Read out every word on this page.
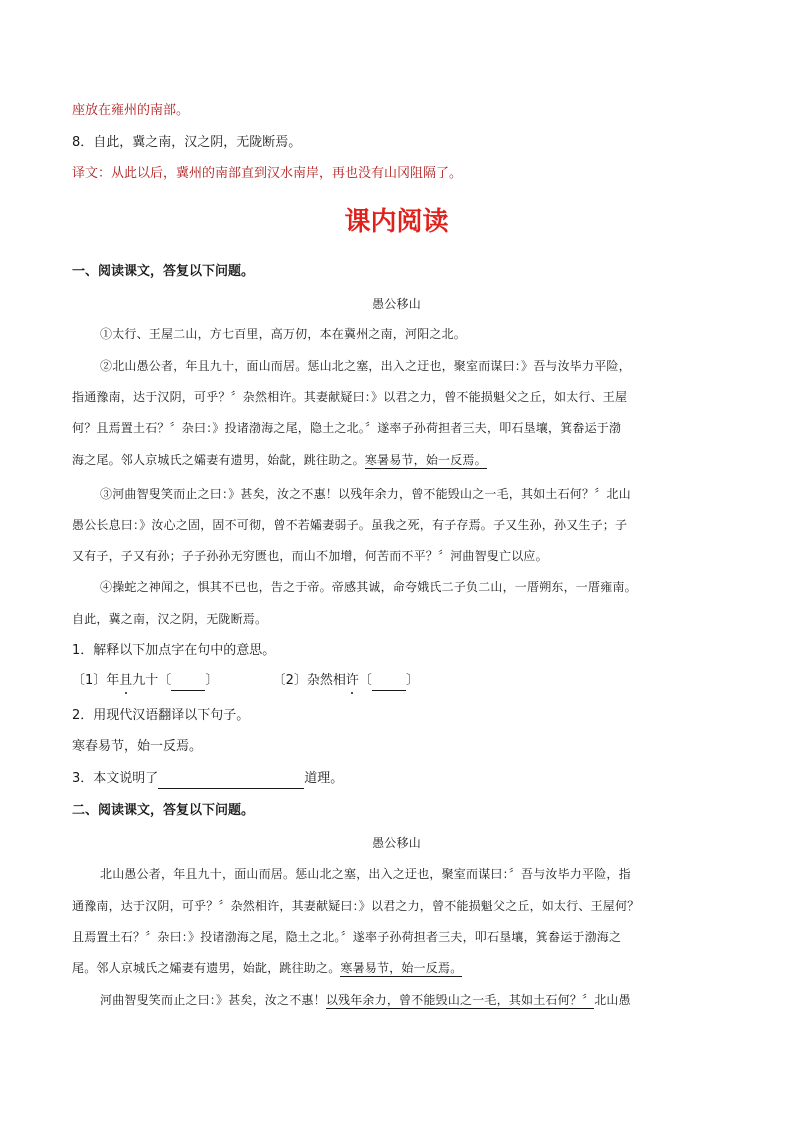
座放在雍州的南部。
8．自此，冀之南，汉之阴，无陇断焉。
译文：从此以后，冀州的南部直到汉水南岸，再也没有山冈阻隔了。
课内阅读
一、阅读课文，答复以下问题。
愚公移山
①太行、王屋二山，方七百里，高万仞，本在冀州之南，河阳之北。
②北山愚公者，年且九十，面山而居。惩山北之塞，出入之迂也，聚室而谋曰：》吾与汝毕力平险，
指通豫南，达于汉阴，可乎？〞杂然相许。其妻献疑曰：》以君之力，曾不能损魁父之丘，如太行、王屋
何？且焉置土石？〞杂曰：》投诸渤海之尾，隐土之北。〞遂率子孙荷担者三夫，叩石垦壤，箕畚运于渤
海之尾。邻人京城氏之孀妻有遗男，始龀，跳往助之。寒暑易节，始一反焉。
③河曲智叟笑而止之曰：》甚矣，汝之不惠！以残年余力，曾不能毁山之一毛，其如土石何？〞北山
愚公长息曰：》汝心之固，固不可彻，曾不若孀妻弱子。虽我之死，有子存焉。子又生孙，孙又生子；子
又有子，子又有孙；子子孙孙无穷匮也，而山不加增，何苦而不平？〞河曲智叟亡以应。
④操蛇之神闻之，惧其不已也，告之于帝。帝感其诚，命夸娥氏二子负二山，一厝朔东，一厝雍南。
自此，冀之南，汉之阴，无陇断焉。
1．解释以下加点字在句中的意思。
〔1〕年且九十〔	〕	〔2〕杂然相许〔	〕
2．用现代汉语翻译以下句子。
寒春易节，始一反焉。
3．本文说明了	道理。
二、阅读课文，答复以下问题。
愚公移山
北山愚公者，年且九十，面山而居。惩山北之塞，出入之迂也，聚室而谋曰：〞吾与汝毕力平险，指
通豫南，达于汉阴，可乎？〞杂然相许，其妻献疑曰：》以君之力，曾不能损魁父之丘，如太行、王屋何？
且焉置土石？〞杂曰：》投诸渤海之尾，隐土之北。〞遂率子孙荷担者三夫，叩石垦壤，箕畚运于渤海之
尾。邻人京城氏之孀妻有遗男，始龀，跳往助之。寒暑易节，始一反焉。
河曲智叟笑而止之曰：》甚矣，汝之不惠！以残年余力，曾不能毁山之一毛，其如土石何？〞北山愚
